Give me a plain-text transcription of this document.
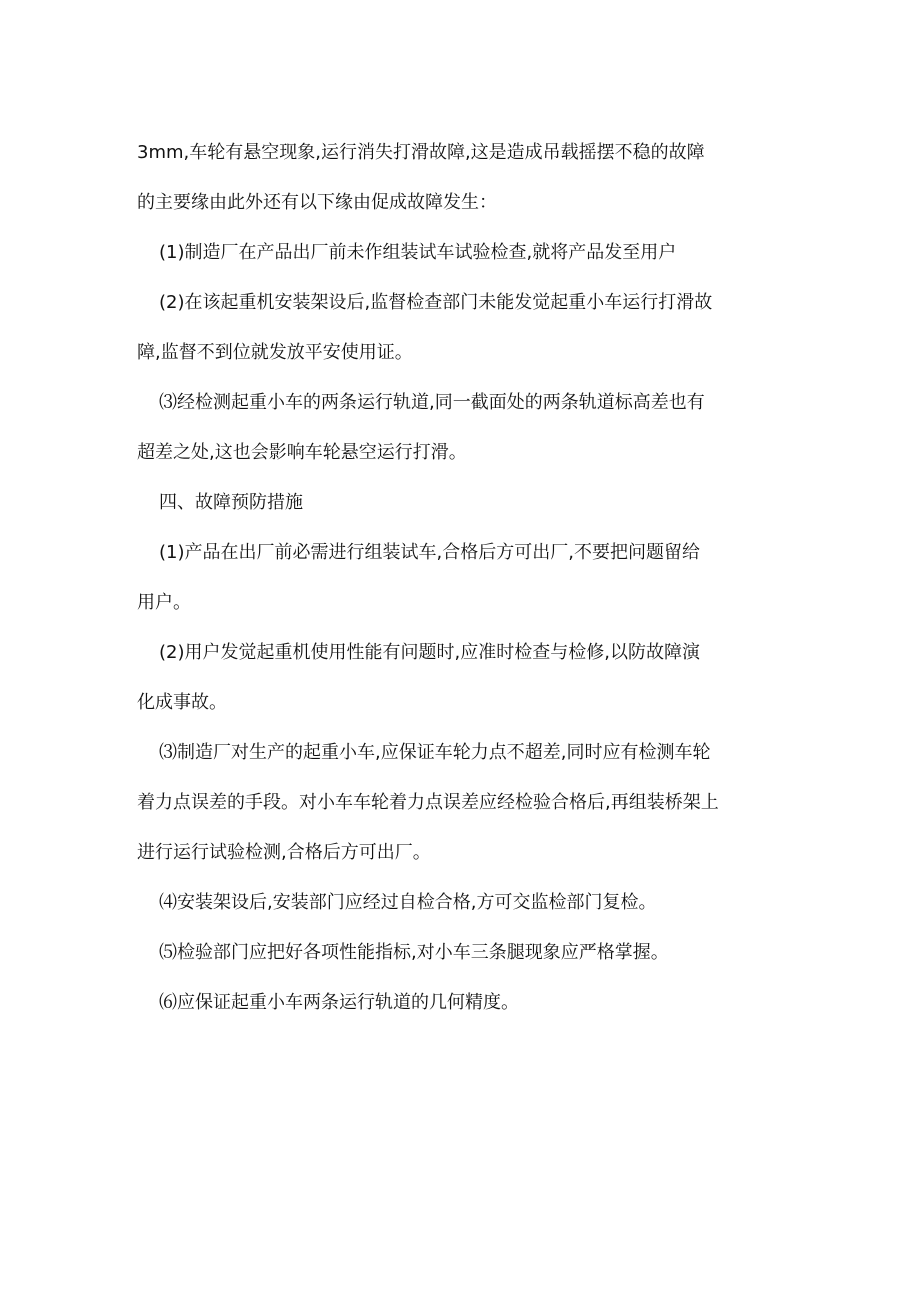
3mm,车轮有悬空现象,运行消失打滑故障,这是造成吊载摇摆不稳的故障
的主要缘由此外还有以下缘由促成故障发生：
(1)制造厂在产品出厂前未作组装试车试验检查,就将产品发至用户
(2)在该起重机安装架设后,监督检查部门未能发觉起重小车运行打滑故
障,监督不到位就发放平安使用证。
⑶经检测起重小车的两条运行轨道,同一截面处的两条轨道标高差也有
超差之处,这也会影响车轮悬空运行打滑。
四、故障预防措施
(1)产品在出厂前必需进行组装试车,合格后方可出厂,不要把问题留给
用户。
(2)用户发觉起重机使用性能有问题时,应准时检查与检修,以防故障演
化成事故。
⑶制造厂对生产的起重小车,应保证车轮力点不超差,同时应有检测车轮
着力点误差的手段。对小车车轮着力点误差应经检验合格后,再组装桥架上
进行运行试验检测,合格后方可出厂。
⑷安装架设后,安装部门应经过自检合格,方可交监检部门复检。
⑸检验部门应把好各项性能指标,对小车三条腿现象应严格掌握。
⑹应保证起重小车两条运行轨道的几何精度。
